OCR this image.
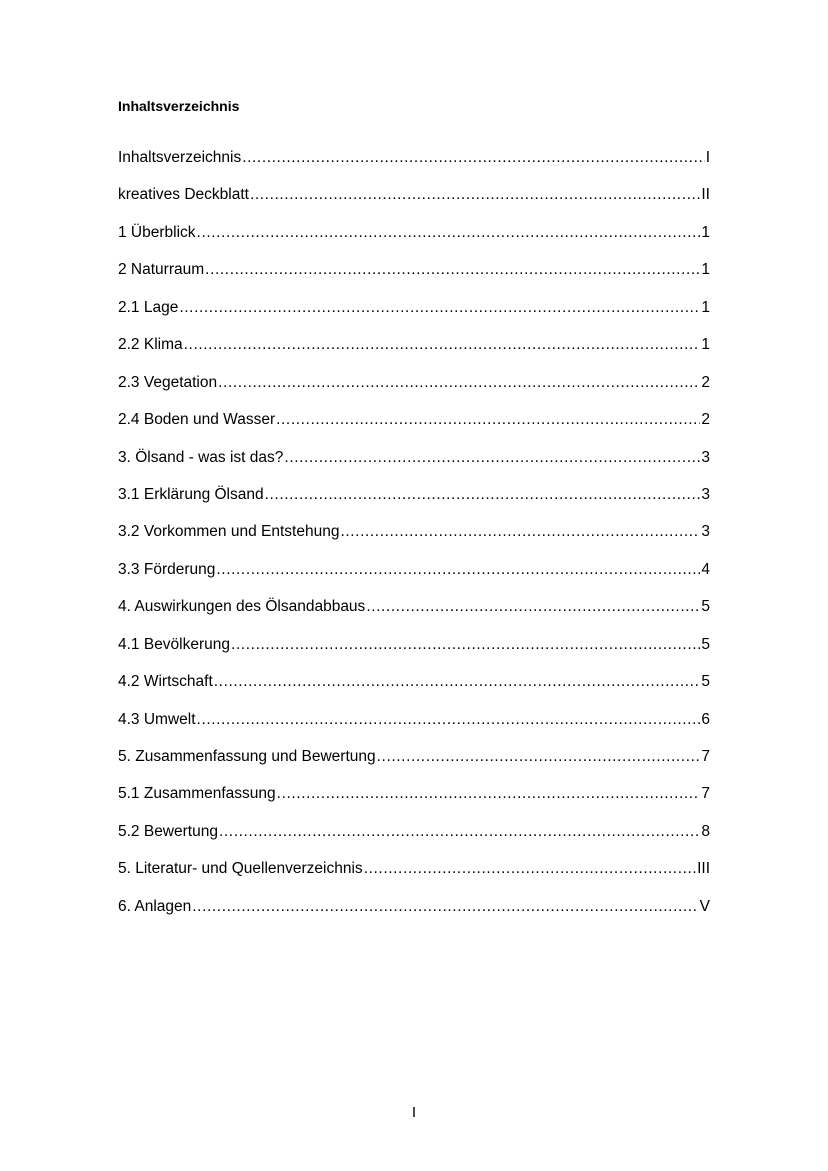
Inhaltsverzeichnis
Inhaltsverzeichnis .....	I
kreatives Deckblatt .....	II
1 Überblick .....	1
2 Naturraum .....	1
2.1 Lage .....	1
2.2 Klima .....	1
2.3 Vegetation .....	2
2.4 Boden und Wasser .....	2
3. Ölsand - was ist das? .....	3
3.1 Erklärung Ölsand .....	3
3.2 Vorkommen und Entstehung .....	3
3.3 Förderung .....	4
4. Auswirkungen des Ölsandabbaus .....	5
4.1 Bevölkerung .....	5
4.2 Wirtschaft .....	5
4.3 Umwelt .....	6
5. Zusammenfassung und Bewertung .....	7
5.1 Zusammenfassung .....	7
5.2 Bewertung .....	8
5. Literatur- und Quellenverzeichnis .....	III
6. Anlagen .....	V
I
